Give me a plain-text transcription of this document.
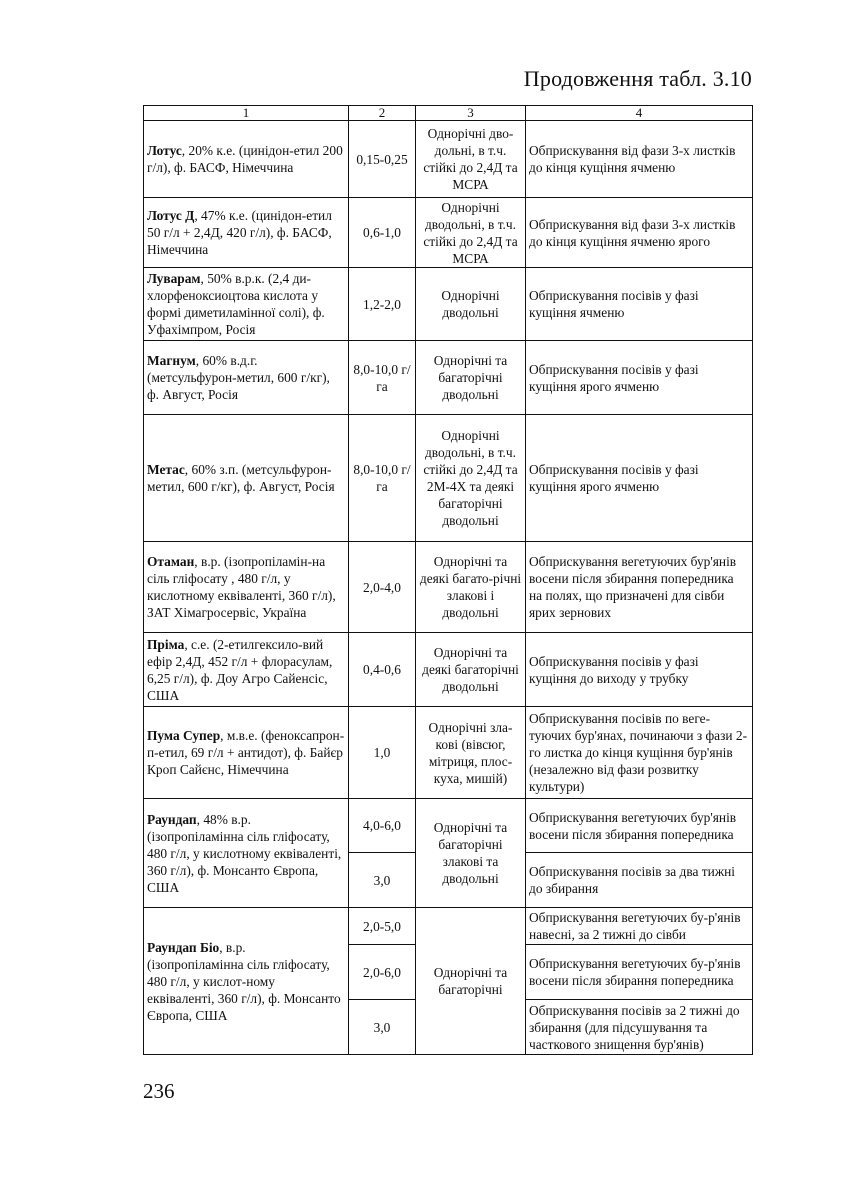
Продовження табл. 3.10
1	2	3	4
Лотус, 20% к.е. (цинідон-етил 200 г/л), ф. БАСФ, Німеччина	0,15-0,25	Однорічні дво-дольні, в т.ч. стійкі до 2,4Д та МСРА	Обприскування від фази 3-х листків до кінця кущіння ячменю
Лотус Д, 47% к.е. (цинідон-етил 50 г/л + 2,4Д, 420 г/л), ф. БАСФ, Німеччина	0,6-1,0	Однорічні дводольні, в т.ч. стійкі до 2,4Д та МСРА	Обприскування від фази 3-х листків до кінця кущіння ячменю ярого
Луварам, 50% в.р.к. (2,4 ди-хлорфеноксиоцтова кислота у формі диметиламінної солі), ф. Уфахімпром, Росія	1,2-2,0	Однорічні дводольні	Обприскування посівів у фазі кущіння ячменю
Магнум, 60% в.д.г. (метсульфурон-метил, 600 г/кг), ф. Август, Росія	8,0-10,0 г/га	Однорічні та багаторічні дводольні	Обприскування посівів у фазі кущіння ярого ячменю
Метас, 60% з.п. (метсульфурон-метил, 600 г/кг), ф. Август, Росія	8,0-10,0 г/га	Однорічні дводольні, в т.ч. стійкі до 2,4Д та 2М-4Х та деякі багаторічні дводольні	Обприскування посівів у фазі кущіння ярого ячменю
Отаман, в.р. (ізопропіламін-на сіль гліфосату , 480 г/л, у кислотному еквіваленті, 360 г/л), ЗАТ Хімагросервіс, Україна	2,0-4,0	Однорічні та деякі багато-річні злакові і дводольні	Обприскування вегетуючих бур'янів восени після збирання попередника на полях, що призначені для сівби ярих зернових
Пріма, с.е. (2-етилгексило-вий ефір 2,4Д, 452 г/л + флорасулам, 6,25 г/л), ф. Доу Агро Сайенсіс, США	0,4-0,6	Однорічні та деякі багаторічні дводольні	Обприскування посівів у фазі кущіння до виходу у трубку
Пума Супер, м.в.е. (феноксапрон-п-етил, 69 г/л + антидот), ф. Байєр Кроп Сайєнс, Німеччина	1,0	Однорічні зла-кові (вівсюг, мітриця, плос-куха, мишій)	Обприскування посівів по веге-туючих бур'янах, починаючи з фази 2-го листка до кінця кущіння бур'янів (незалежно від фази розвитку культури)
Раундап, 48% в.р. (ізопропіламінна сіль гліфосату, 480 г/л, у кислотному еквіваленті, 360 г/л), ф. Монсанто Європа, США	4,0-6,0	Однорічні та багаторічні злакові та дводольні	Обприскування вегетуючих бур'янів восени після збирання попередника
	3,0		Обприскування посівів за два тижні до збирання
Раундап Біо, в.р. (ізопропіламінна сіль гліфосату, 480 г/л, у кислот-ному еквіваленті, 360 г/л), ф. Монсанто Європа, США	2,0-5,0	Однорічні та багаторічні	Обприскування вегетуючих бу-р'янів навесні, за 2 тижні до сівби
	2,0-6,0		Обприскування вегетуючих бу-р'янів восени після збирання попередника
	3,0		Обприскування посівів за 2 тижні до збирання (для підсушування та часткового знищення бур'янів)
236
